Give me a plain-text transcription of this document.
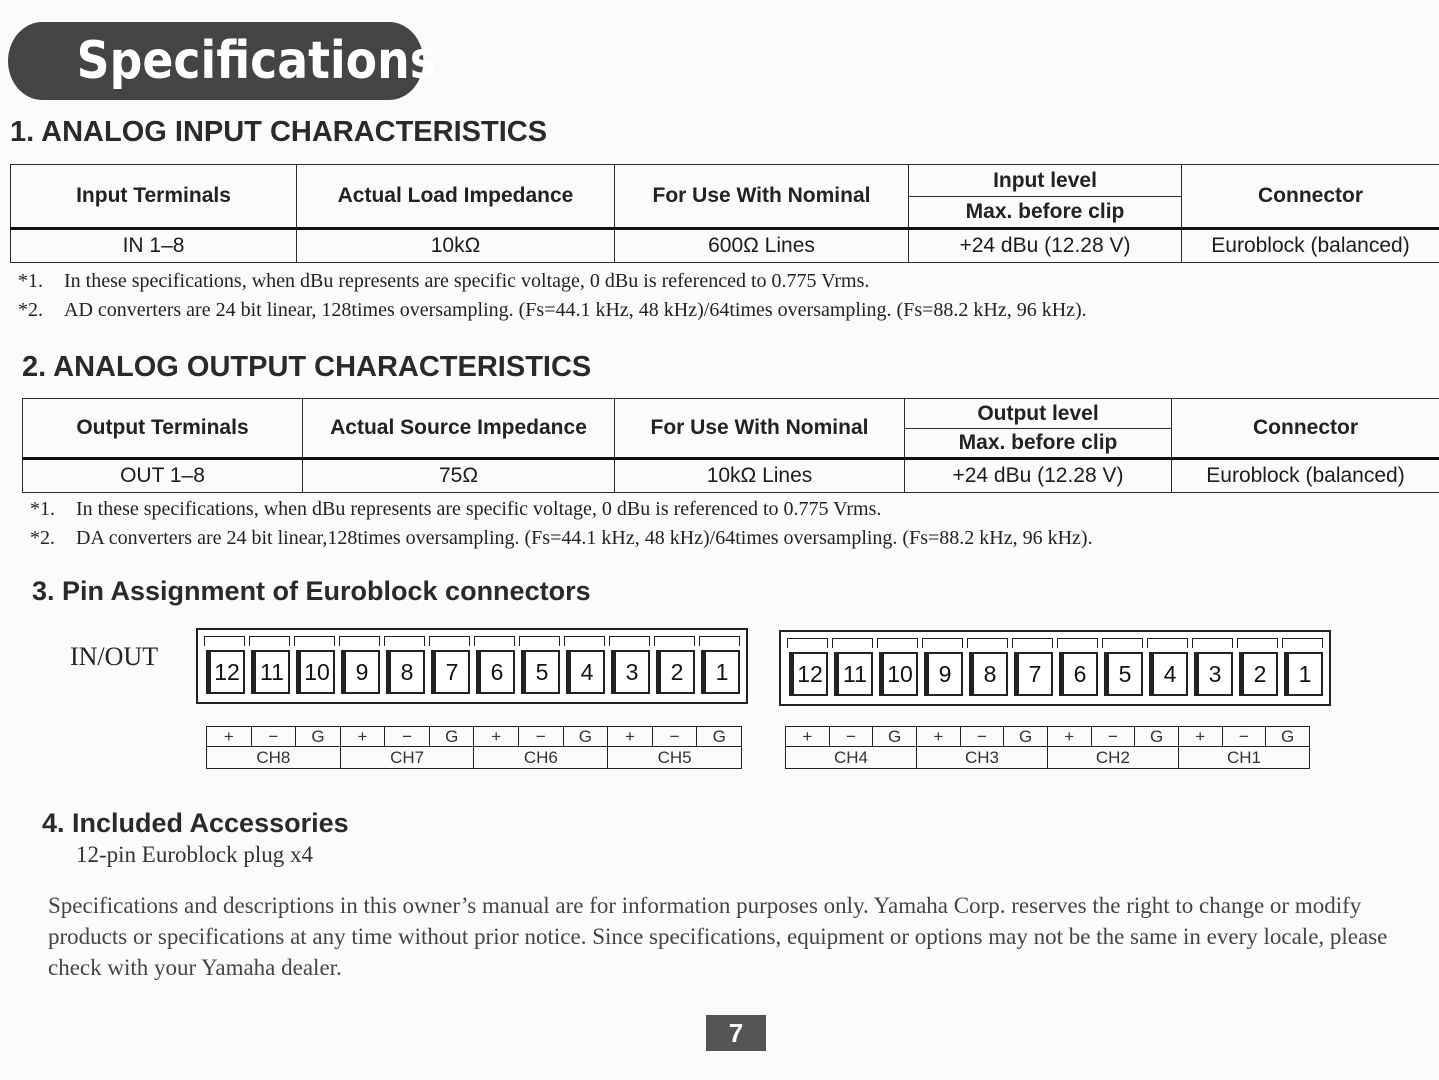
Specifications
1. ANALOG INPUT CHARACTERISTICS
Input Terminals	Actual Load Impedance	For Use With Nominal	Input level	Connector
			Max. before clip	
IN 1–8	10kΩ	600Ω Lines	+24 dBu (12.28 V)	Euroblock (balanced)
*1. In these specifications, when dBu represents are specific voltage, 0 dBu is referenced to 0.775 Vrms.
*2. AD converters are 24 bit linear, 128times oversampling. (Fs=44.1 kHz, 48 kHz)/64times oversampling. (Fs=88.2 kHz, 96 kHz).
2. ANALOG OUTPUT CHARACTERISTICS
Output Terminals	Actual Source Impedance	For Use With Nominal	Output level	Connector
			Max. before clip	
OUT 1–8	75Ω	10kΩ Lines	+24 dBu (12.28 V)	Euroblock (balanced)
*1. In these specifications, when dBu represents are specific voltage, 0 dBu is referenced to 0.775 Vrms.
*2. DA converters are 24 bit linear,128times oversampling. (Fs=44.1 kHz, 48 kHz)/64times oversampling. (Fs=88.2 kHz, 96 kHz).
3. Pin Assignment of Euroblock connectors
IN/OUT
12 11 10	9	8	7	6	5	4	3	2	1	12 11 10	9	8	7	6	5	4	3	2	1
+	−	G	+	−	G	+	−	G	+	−	G
CH8			CH7			CH6			CH5		
+	−	G	+	−	G	+	−	G	+	−	G
CH4			CH3			CH2			CH1		
4. Included Accessories
12-pin Euroblock plug x4
Specifications and descriptions in this owner’s manual are for information purposes only. Yamaha Corp. reserves the right to change or modify products or specifications at any time without prior notice. Since specifications, equipment or options may not be the same in every locale, please check with your Yamaha dealer.
7
